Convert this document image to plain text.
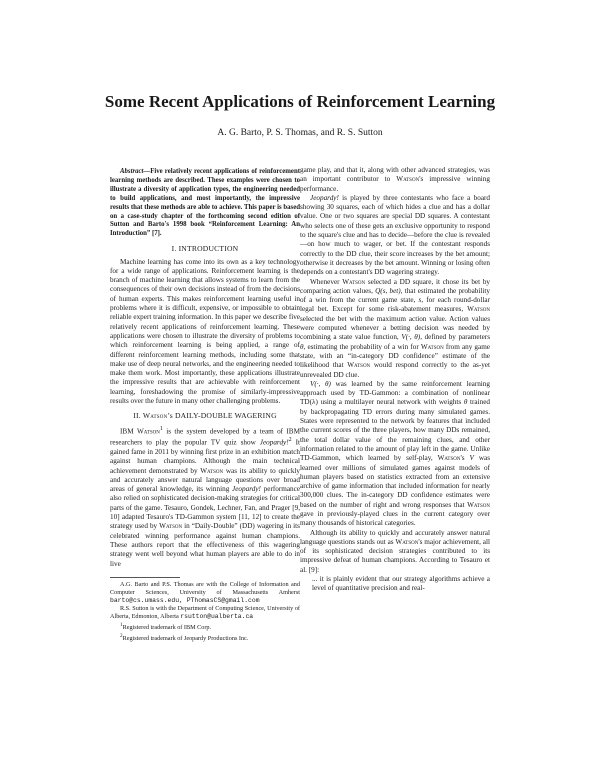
Some Recent Applications of Reinforcement Learning
A. G. Barto, P. S. Thomas, and R. S. Sutton

Abstract—Five relatively recent applications of reinforcement learning methods are described. These examples were chosen to illustrate a diversity of application types, the engineering needed to build applications, and most importantly, the impressive results that these methods are able to achieve. This paper is based on a case-study chapter of the forthcoming second edition of Sutton and Barto's 1998 book “Reinforcement Learning: An Introduction” [7].

I. INTRODUCTION

Machine learning has come into its own as a key technology for a wide range of applications. Reinforcement learning is the branch of machine learning that allows systems to learn from the consequences of their own decisions instead of from the decisions of human experts. This makes reinforcement learning useful in problems where it is difficult, expensive, or impossible to obtain reliable expert training information. In this paper we describe five relatively recent applications of reinforcement learning. These applications were chosen to illustrate the diversity of problems to which reinforcement learning is being applied, a range of different reinforcement learning methods, including some that make use of deep neural networks, and the engineering needed to make them work. Most importantly, these applications illustrate the impressive results that are achievable with reinforcement learning, foreshadowing the promise of similarly-impressive results over the future in many other challenging problems.

II. Watson’s DAILY-DOUBLE WAGERING

IBM Watson$^1$ is the system developed by a team of IBM researchers to play the popular TV quiz show Jeopardy!$^2$ It gained fame in 2011 by winning first prize in an exhibition match against human champions. Although the main technical achievement demonstrated by Watson was its ability to quickly and accurately answer natural language questions over broad areas of general knowledge, its winning Jeopardy! performance also relied on sophisticated decision-making strategies for critical parts of the game. Tesauro, Gondek, Lechner, Fan, and Prager [9, 10] adapted Tesauro's TD-Gammon system [11, 12] to create the strategy used by Watson in “Daily-Double” (DD) wagering in its celebrated winning performance against human champions. These authors report that the effectiveness of this wagering strategy went well beyond what human players are able to do in live

A.G. Barto and P.S. Thomas are with the College of Information and Computer Sciences, University of Massachusetts Amherst barto@cs.umass.edu, PThomasCS@gmail.com

R.S. Sutton is with the Department of Computing Science, University of Alberta, Edmonton, Alberta rsutton@ualberta.ca

$^1$Registered trademark of IBM Corp.

$^2$Registered trademark of Jeopardy Productions Inc.

game play, and that it, along with other advanced strategies, was an important contributor to Watson's impressive winning performance.

Jeopardy! is played by three contestants who face a board showing 30 squares, each of which hides a clue and has a dollar value. One or two squares are special DD squares. A contestant who selects one of these gets an exclusive opportunity to respond to the square's clue and has to decide—before the clue is revealed—on how much to wager, or bet. If the contestant responds correctly to the DD clue, their score increases by the bet amount; otherwise it decreases by the bet amount. Winning or losing often depends on a contestant's DD wagering strategy.

Whenever Watson selected a DD square, it chose its bet by comparing action values, Q(s, bet), that estimated the probability of a win from the current game state, s, for each round-dollar legal bet. Except for some risk-abatement measures, Watson selected the bet with the maximum action value. Action values were computed whenever a betting decision was needed by combining a state value function, V(·, θ), defined by parameters θ, estimating the probability of a win for Watson from any game state, with an “in-category DD confidence” estimate of the likelihood that Watson would respond correctly to the as-yet unrevealed DD clue.

V(·, θ) was learned by the same reinforcement learning approach used by TD-Gammon: a combination of nonlinear TD(λ) using a multilayer neural network with weights θ trained by backpropagating TD errors during many simulated games. States were represented to the network by features that included the current scores of the three players, how many DDs remained, the total dollar value of the remaining clues, and other information related to the amount of play left in the game. Unlike TD-Gammon, which learned by self-play, Watson's V was learned over millions of simulated games against models of human players based on statistics extracted from an extensive archive of game information that included information for nearly 300,000 clues. The in-category DD confidence estimates were based on the number of right and wrong responses that Watson gave in previously-played clues in the current category over many thousands of historical categories.

Although its ability to quickly and accurately answer natural language questions stands out as Watson's major achievement, all of its sophisticated decision strategies contributed to its impressive defeat of human champions. According to Tesauro et al. [9]:

... it is plainly evident that our strategy algorithms achieve a level of quantitative precision and real-
